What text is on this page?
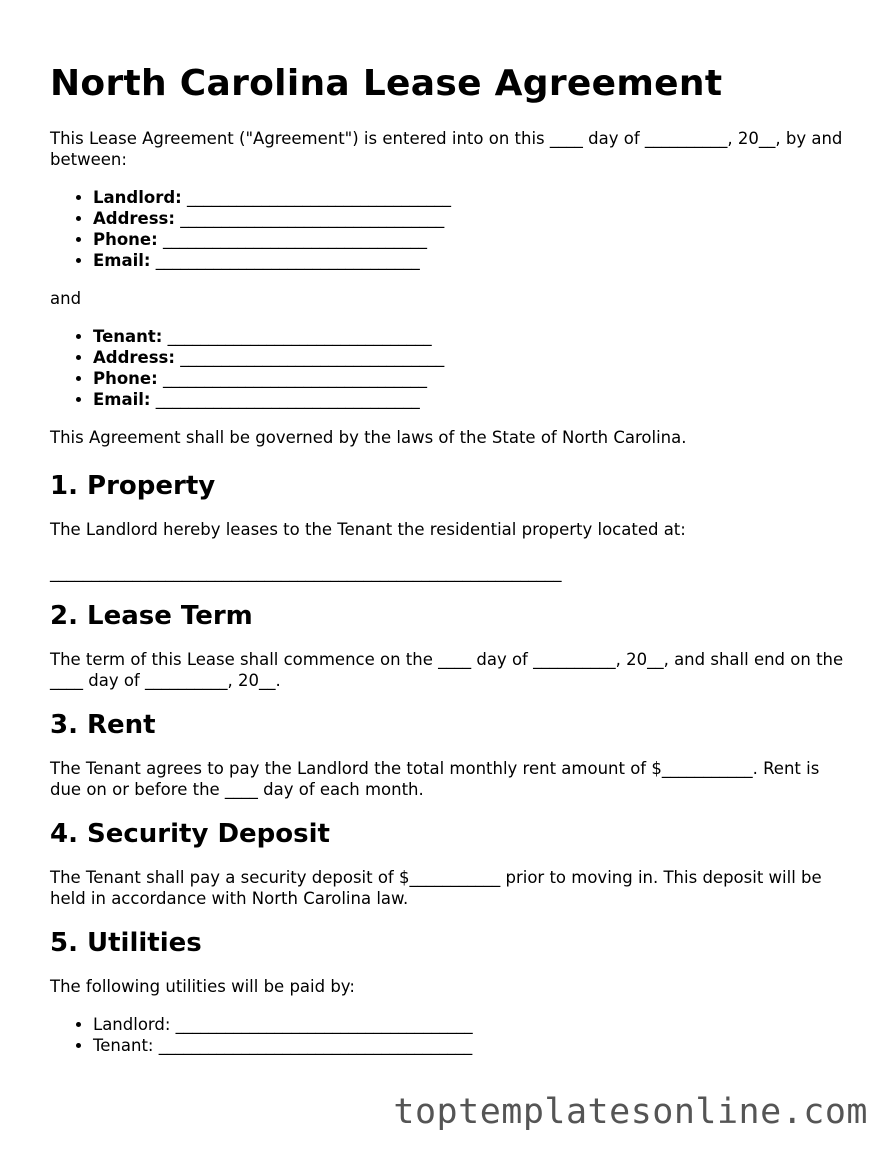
North Carolina Lease Agreement

This Lease Agreement ("Agreement") is entered into on this ____ day of __________, 20__, by and between:

• Landlord: ________________________________
• Address: ________________________________
• Phone: ________________________________
• Email: ________________________________

and

• Tenant: ________________________________
• Address: ________________________________
• Phone: ________________________________
• Email: ________________________________

This Agreement shall be governed by the laws of the State of North Carolina.

1. Property

The Landlord hereby leases to the Tenant the residential property located at:

______________________________________________________________

2. Lease Term

The term of this Lease shall commence on the ____ day of __________, 20__, and shall end on the ____ day of __________, 20__.

3. Rent

The Tenant agrees to pay the Landlord the total monthly rent amount of $___________. Rent is due on or before the ____ day of each month.

4. Security Deposit

The Tenant shall pay a security deposit of $___________ prior to moving in. This deposit will be held in accordance with North Carolina law.

5. Utilities

The following utilities will be paid by:

• Landlord: ____________________________________
• Tenant: ______________________________________
toptemplatesonline.com
